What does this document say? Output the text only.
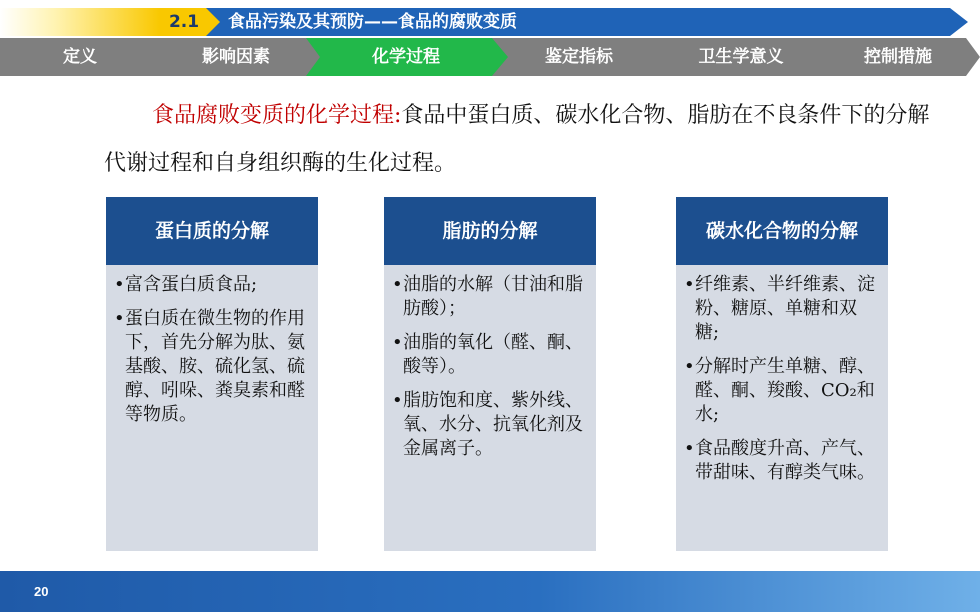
2.1	食品污染及其预防——食品的腐败变质
定义	影响因素	化学过程	鉴定指标	卫生学意义	控制措施
食品腐败变质的化学过程:食品中蛋白质、碳水化合物、脂肪在不良条件下的分解代谢过程和自身组织酶的生化过程。
蛋白质的分解
• 富含蛋白质食品;
• 蛋白质在微生物的作用下，首先分解为肽、氨基酸、胺、硫化氢、硫醇、吲哚、粪臭素和醛等物质。
脂肪的分解
• 油脂的水解（甘油和脂肪酸）；
• 油脂的氧化（醛、酮、酸等）。
• 脂肪饱和度、紫外线、氧、水分、抗氧化剂及金属离子。
碳水化合物的分解
• 纤维素、半纤维素、淀粉、糖原、单糖和双糖;
• 分解时产生单糖、醇、醛、酮、羧酸、CO₂和水;
• 食品酸度升高、产气、带甜味、有醇类气味。
20
